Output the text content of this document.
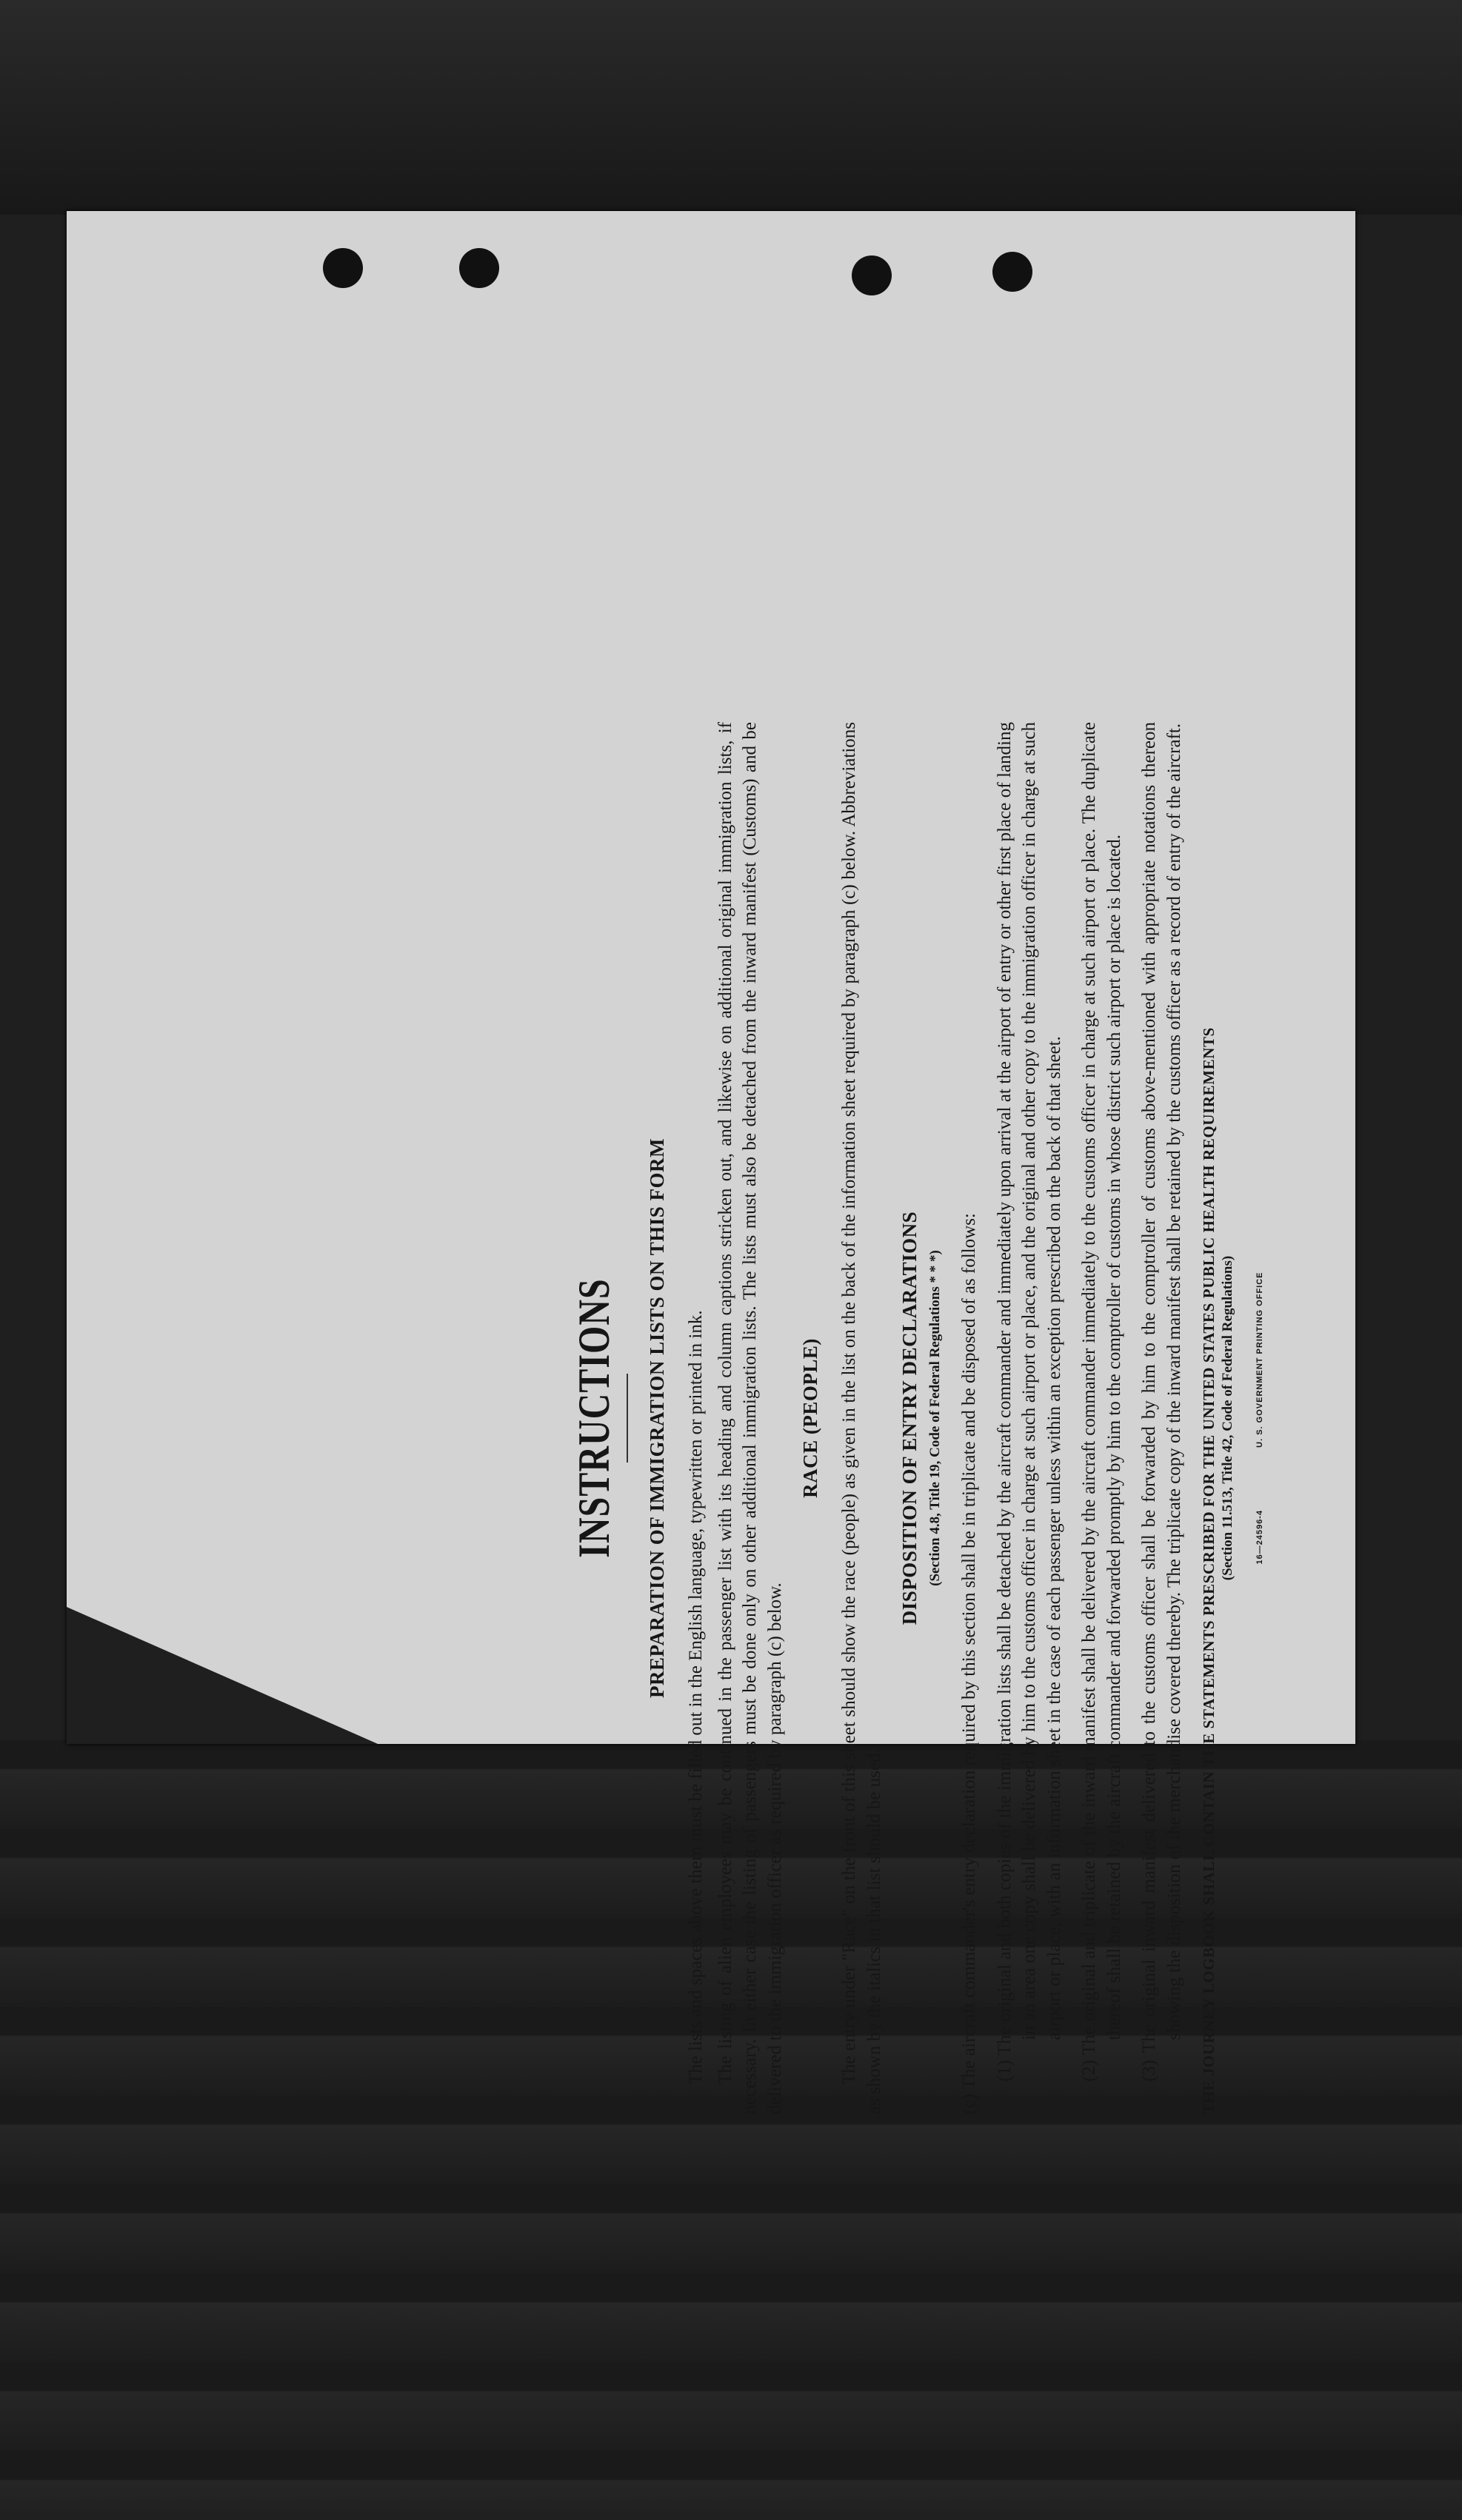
INSTRUCTIONS PREPARATION OF IMMIGRATION LISTS ON THIS FORM The lists and spaces above them must be filled out in the English language, typewritten or printed in ink. The listing of alien employees may be continued in the passenger list with its heading and column captions stricken out, and likewise on additional original immigration lists, if necessary. In either case the listing of passengers must be done only on other additional immigration lists. The lists must also be detached from the inward manifest (Customs) and be delivered to the immigration officer as required by paragraph (c) below.

RACE (PEOPLE) The entry under "Race" on the front of this sheet should show the race (people) as given in the list on the back of the information sheet required by paragraph (c) below. Abbreviations as shown by the italics in that list should be used.

DISPOSITION OF ENTRY DECLARATIONS (Section 4.8, Title 19, Code of Federal Regulations * * *) (c) The aircraft commander's entry declaration required by this section shall be in triplicate and be disposed of as follows: (1) The original and both copies of the immigration lists shall be detached by the aircraft commander and immediately upon arrival at the airport of entry or other first place of landing in an area one copy shall be delivered by him to the customs officer in charge at such airport or place, and the original and other copy to the immigration officer in charge at such airport or place, with an information sheet in the case of each passenger unless within an exception prescribed on the back of that sheet. (2) The original and triplicate of the inward manifest shall be delivered by the aircraft commander immediately to the customs officer in charge at such airport or place. The duplicate thereof shall be retained by the aircraft commander and forwarded promptly by him to the comptroller of customs in whose district such airport or place is located. (3) The original inward manifest delivered to the customs officer shall be forwarded by him to the comptroller of customs above-mentioned with appropriate notations thereon showing the disposition of the merchandise covered thereby. The triplicate copy of the inward manifest shall be retained by the customs officer as a record of entry of the aircraft. THE JOURNEY LOGBOOK SHALL CONTAIN THE STATEMENTS PRESCRIBED FOR THE UNITED STATES PUBLIC HEALTH REQUIREMENTS (Section 11.513, Title 42, Code of Federal Regulations) 16—24596-4 U. S. GOVERNMENT PRINTING OFFICE
